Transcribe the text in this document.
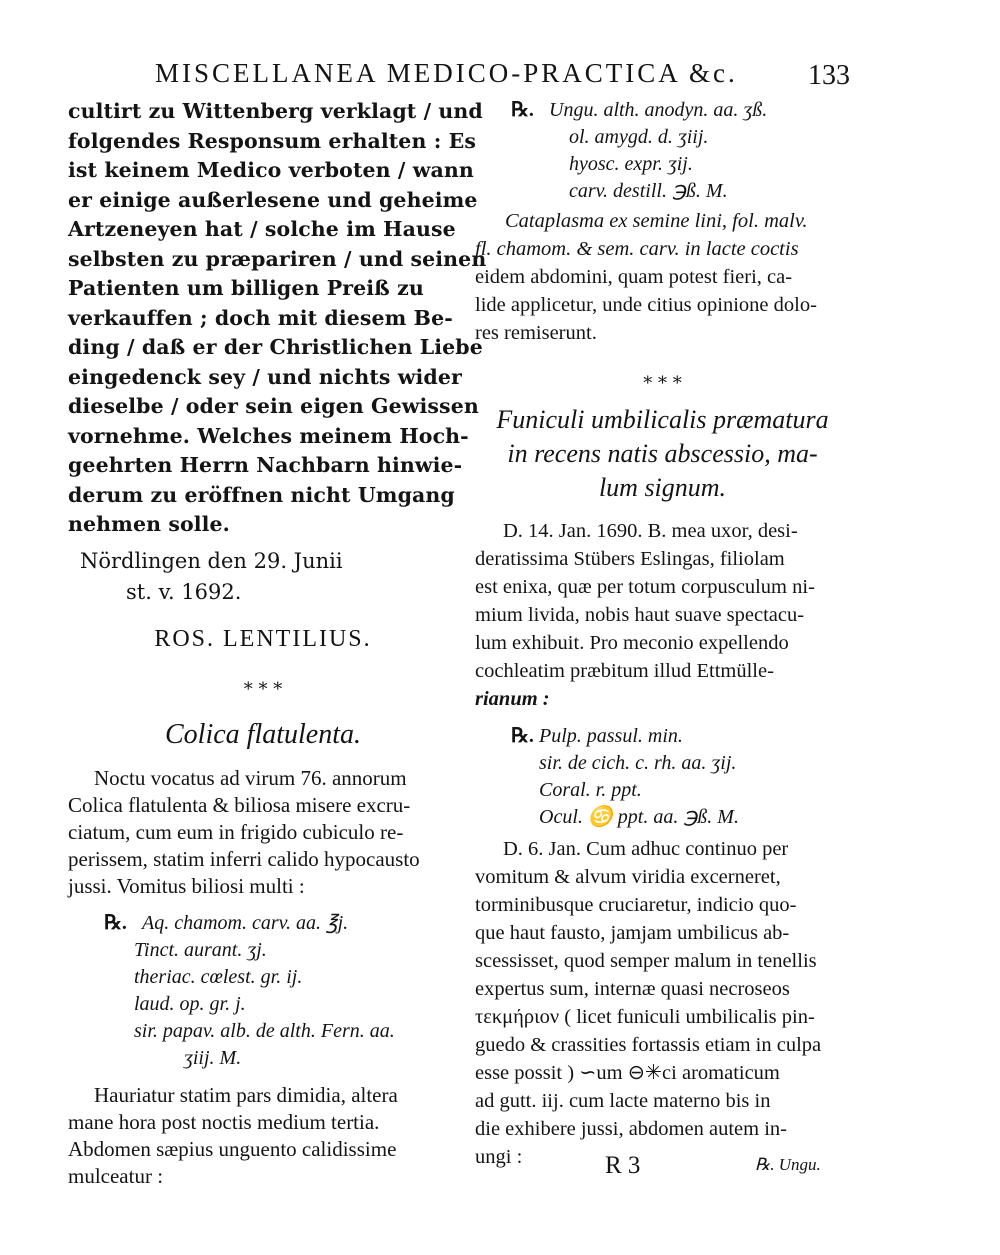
MISCELLANEA MEDICO-PRACTICA &c.	133
cultirt zu Wittenberg verklagt / und
folgendes Responsum erhalten : Es
ist keinem Medico verboten / wann
er einige außerlesene und geheime
Artzeneyen hat / solche im Hause
selbsten zu præpariren / und seinen
Patienten um billigen Preiß zu
verkauffen ; doch mit diesem Be-
ding / daß er der Christlichen Liebe
eingedenck sey / und nichts wider
dieselbe / oder sein eigen Gewissen
vornehme. Welches meinem Hoch-
geehrten Herrn Nachbarn hinwie-
derum zu eröffnen nicht Umgang
nehmen solle.
Nördlingen den 29. Junii
st. v. 1692.
ROS. LENTILIUS.
* * *
Colica flatulenta.
Noctu vocatus ad virum 76. annorum
Colica flatulenta & biliosa misere excru-
ciatum, cum eum in frigido cubiculo re-
perissem, statim inferri calido hypocausto
jussi. Vomitus biliosi multi :
℞. Aq. chamom. carv. aa. ℥j.
Tinct. aurant. ʒj.
theriac. cœlest. gr. ij.
laud. op. gr. j.
sir. papav. alb. de alth. Fern. aa.
ʒiij. M.
Hauriatur statim pars dimidia, altera
mane hora post noctis medium tertia.
Abdomen sæpius unguento calidissime
mulceatur :
℞. Ungu. alth. anodyn. aa. ʒß.
ol. amygd. d. ʒiij.
hyosc. expr. ʒij.
carv. destill. ℈ß. M.
Cataplasma ex semine lini, fol. malv.
fl. chamom. & sem. carv. in lacte coctis
eidem abdomini, quam potest fieri, ca-
lide applicetur, unde citius opinione dolo-
res remiserunt.
* * *
Funiculi umbilicalis præmatura
in recens natis abscessio, ma-
lum signum.
D. 14. Jan. 1690. B. mea uxor, desi-
deratissima Stübers Eslingas, filiolam
est enixa, quæ per totum corpusculum ni-
mium livida, nobis haut suave spectacu-
lum exhibuit. Pro meconio expellendo
cochleatim præbitum illud Ettmülle-
rianum :
℞. Pulp. passul. min.
sir. de cich. c. rh. aa. ʒij.
Coral. r. ppt.
Ocul. ♋ ppt. aa. ℈ß. M.
D. 6. Jan. Cum adhuc continuo per
vomitum & alvum viridia excerneret,
torminibusque cruciaretur, indicio quo-
que haut fausto, jamjam umbilicus ab-
scessisset, quod semper malum in tenellis
expertus sum, internæ quasi necroseos
τεκμήριον ( licet funiculi umbilicalis pin-
guedo & crassities fortassis etiam in culpa
esse possit ) ∽um ⊖✳ci aromaticum
ad gutt. iij. cum lacte materno bis in
die exhibere jussi, abdomen autem in-
ungi :	R 3	℞. Ungu.
